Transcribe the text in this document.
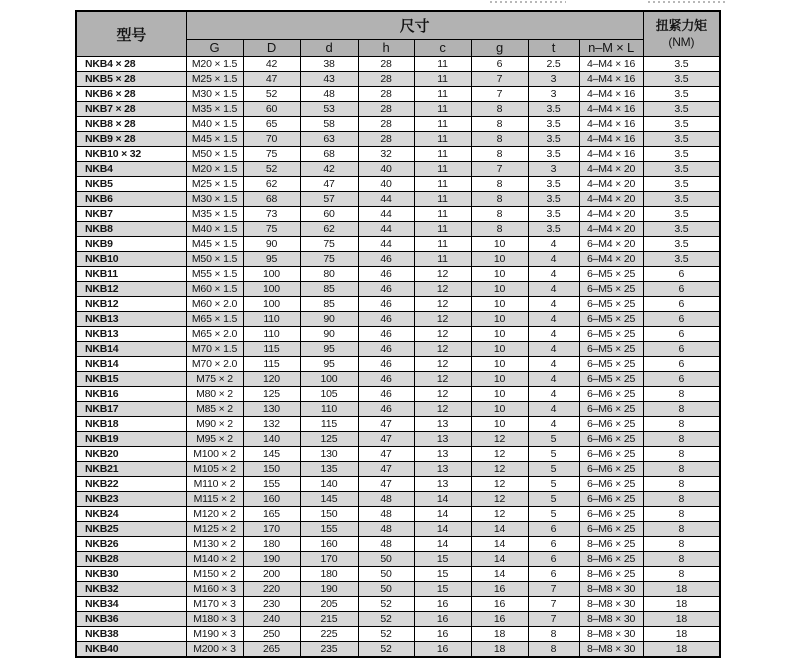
型号	尺寸								扭紧力矩
(NM)

	G	D	d	h	c	g	t	n–M × L	
NKB4 × 28	M20 × 1.5	42	38	28	11	6	2.5	4–M4 × 16	3.5
NKB5 × 28	M25 × 1.5	47	43	28	11	7	3	4–M4 × 16	3.5
NKB6 × 28	M30 × 1.5	52	48	28	11	7	3	4–M4 × 16	3.5
NKB7 × 28	M35 × 1.5	60	53	28	11	8	3.5	4–M4 × 16	3.5
NKB8 × 28	M40 × 1.5	65	58	28	11	8	3.5	4–M4 × 16	3.5
NKB9 × 28	M45 × 1.5	70	63	28	11	8	3.5	4–M4 × 16	3.5
NKB10 × 32	M50 × 1.5	75	68	32	11	8	3.5	4–M4 × 16	3.5
NKB4	M20 × 1.5	52	42	40	11	7	3	4–M4 × 20	3.5
NKB5	M25 × 1.5	62	47	40	11	8	3.5	4–M4 × 20	3.5
NKB6	M30 × 1.5	68	57	44	11	8	3.5	4–M4 × 20	3.5
NKB7	M35 × 1.5	73	60	44	11	8	3.5	4–M4 × 20	3.5
NKB8	M40 × 1.5	75	62	44	11	8	3.5	4–M4 × 20	3.5
NKB9	M45 × 1.5	90	75	44	11	10	4	6–M4 × 20	3.5
NKB10	M50 × 1.5	95	75	46	11	10	4	6–M4 × 20	3.5
NKB11	M55 × 1.5	100	80	46	12	10	4	6–M5 × 25	6
NKB12	M60 × 1.5	100	85	46	12	10	4	6–M5 × 25	6
NKB12	M60 × 2.0	100	85	46	12	10	4	6–M5 × 25	6
NKB13	M65 × 1.5	110	90	46	12	10	4	6–M5 × 25	6
NKB13	M65 × 2.0	110	90	46	12	10	4	6–M5 × 25	6
NKB14	M70 × 1.5	115	95	46	12	10	4	6–M5 × 25	6
NKB14	M70 × 2.0	115	95	46	12	10	4	6–M5 × 25	6
NKB15	M75 × 2	120	100	46	12	10	4	6–M5 × 25	6
NKB16	M80 × 2	125	105	46	12	10	4	6–M6 × 25	8
NKB17	M85 × 2	130	110	46	12	10	4	6–M6 × 25	8
NKB18	M90 × 2	132	115	47	13	10	4	6–M6 × 25	8
NKB19	M95 × 2	140	125	47	13	12	5	6–M6 × 25	8
NKB20	M100 × 2	145	130	47	13	12	5	6–M6 × 25	8
NKB21	M105 × 2	150	135	47	13	12	5	6–M6 × 25	8
NKB22	M110 × 2	155	140	47	13	12	5	6–M6 × 25	8
NKB23	M115 × 2	160	145	48	14	12	5	6–M6 × 25	8
NKB24	M120 × 2	165	150	48	14	12	5	6–M6 × 25	8
NKB25	M125 × 2	170	155	48	14	14	6	6–M6 × 25	8
NKB26	M130 × 2	180	160	48	14	14	6	8–M6 × 25	8
NKB28	M140 × 2	190	170	50	15	14	6	8–M6 × 25	8
NKB30	M150 × 2	200	180	50	15	14	6	8–M6 × 25	8
NKB32	M160 × 3	220	190	50	15	16	7	8–M8 × 30	18
NKB34	M170 × 3	230	205	52	16	16	7	8–M8 × 30	18
NKB36	M180 × 3	240	215	52	16	16	7	8–M8 × 30	18
NKB38	M190 × 3	250	225	52	16	18	8	8–M8 × 30	18
NKB40	M200 × 3	265	235	52	16	18	8	8–M8 × 30	18
